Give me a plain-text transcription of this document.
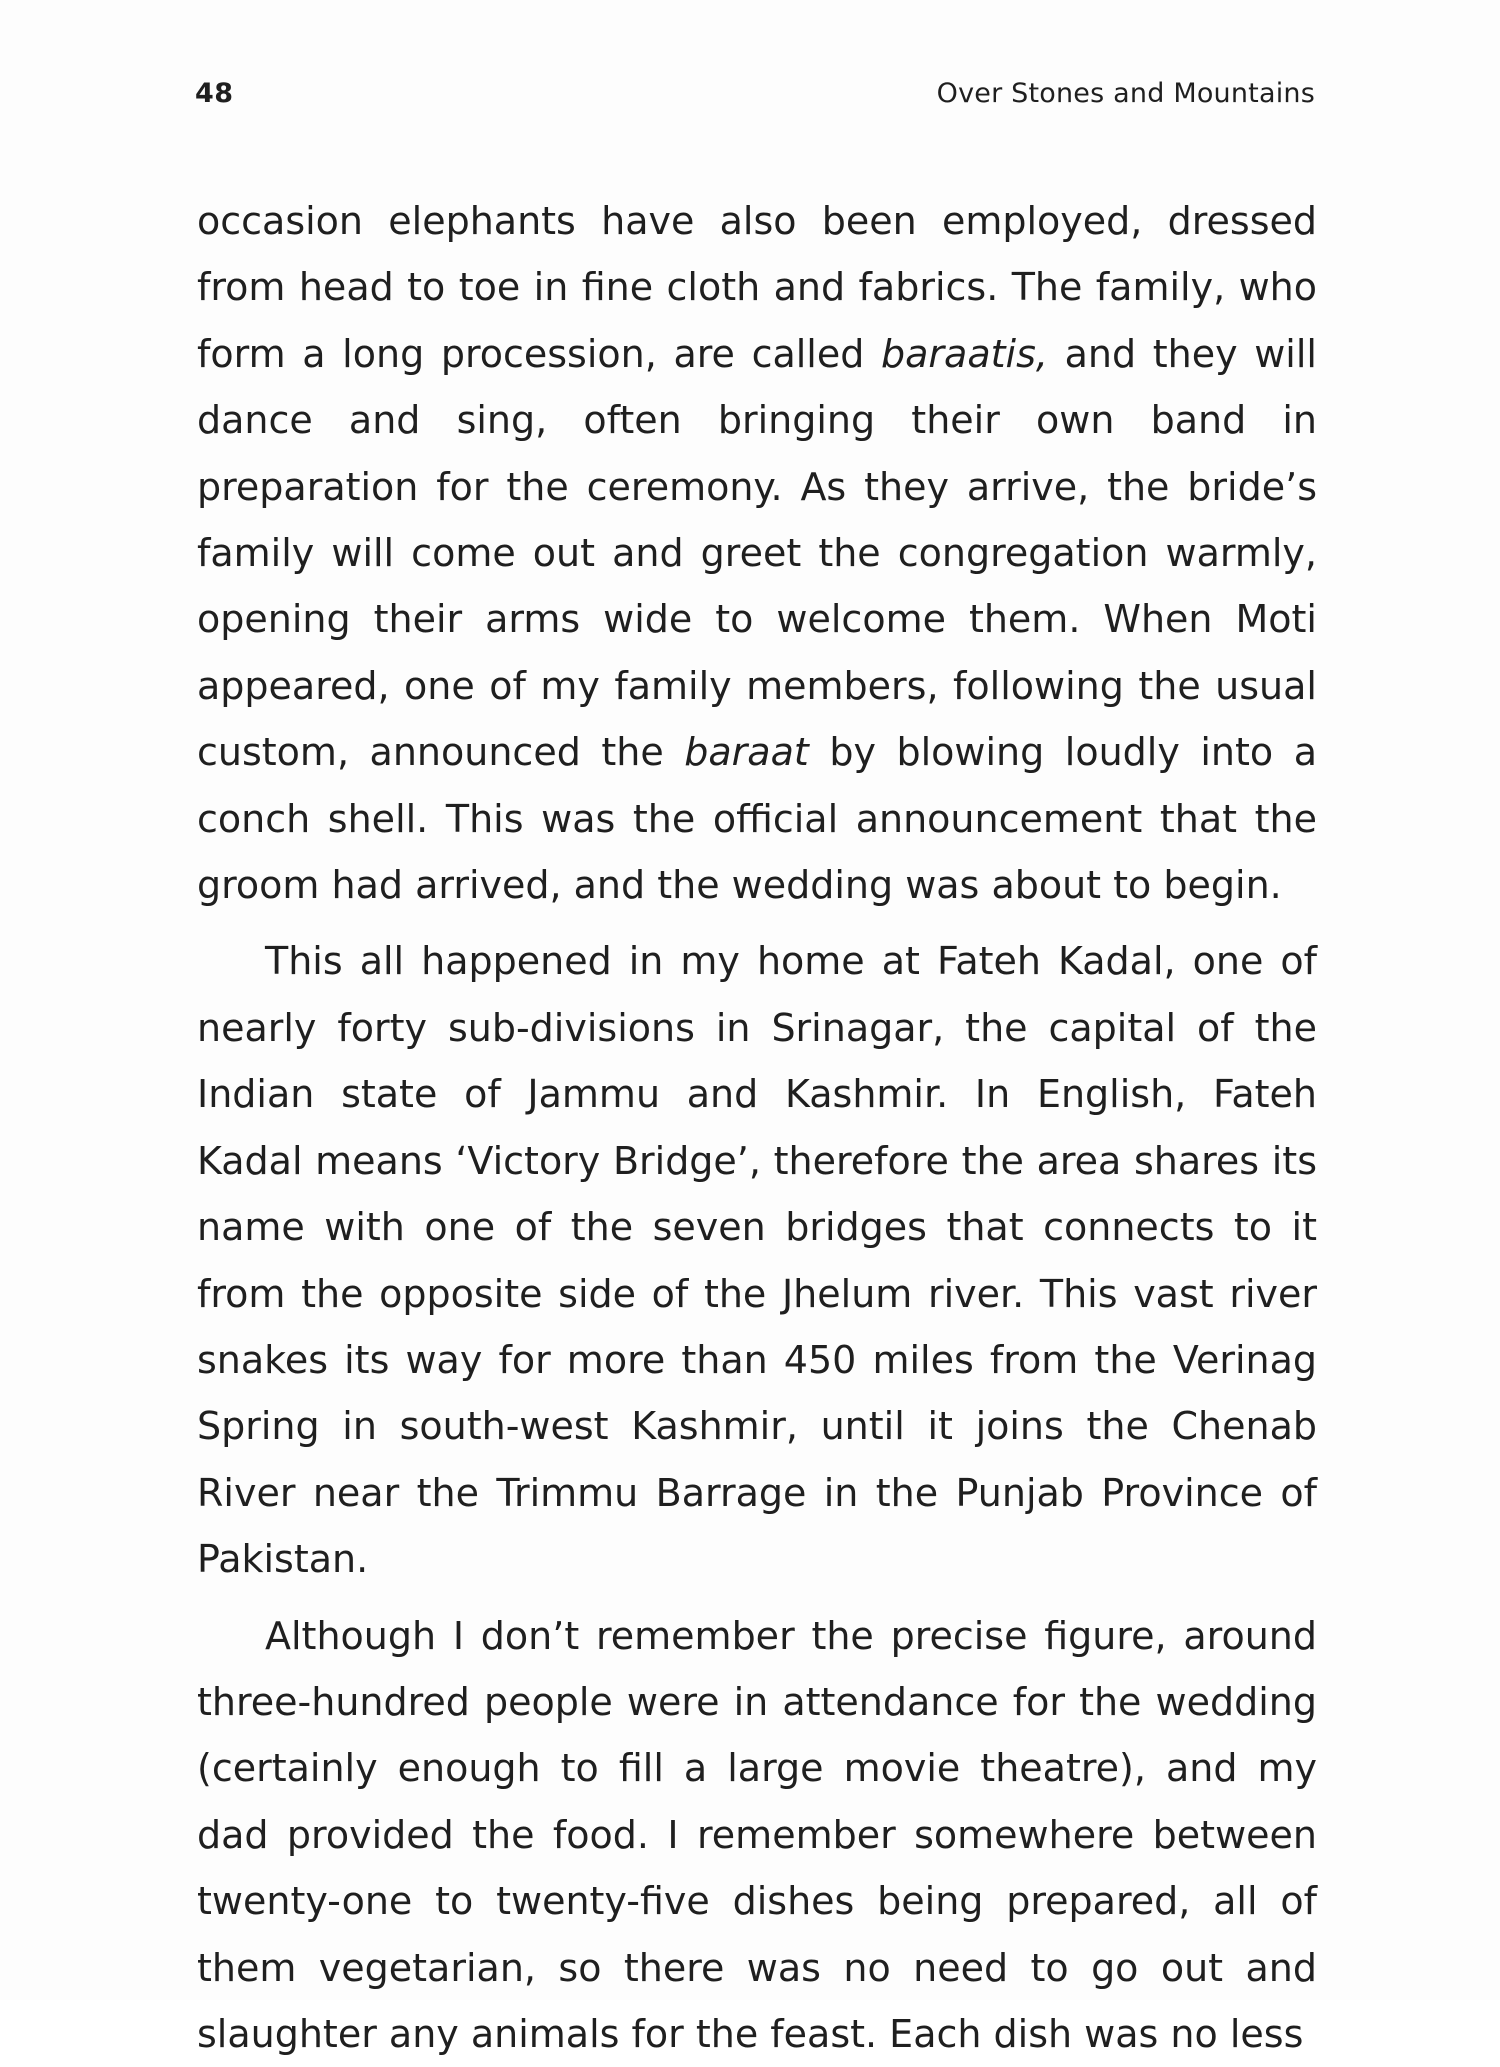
48	Over Stones and Mountains

occasion elephants have also been employed, dressed from head to toe in fine cloth and fabrics. The family, who form a long procession, are called baraatis, and they will dance and sing, often bringing their own band in preparation for the ceremony. As they arrive, the bride’s family will come out and greet the congregation warmly, opening their arms wide to welcome them. When Moti appeared, one of my family members, following the usual custom, announced the baraat by blowing loudly into a conch shell. This was the official announcement that the groom had arrived, and the wedding was about to begin.

This all happened in my home at Fateh Kadal, one of nearly forty sub-divisions in Srinagar, the capital of the Indian state of Jammu and Kashmir. In English, Fateh Kadal means ‘Victory Bridge’, therefore the area shares its name with one of the seven bridges that connects to it from the opposite side of the Jhelum river. This vast river snakes its way for more than 450 miles from the Verinag Spring in south-west Kashmir, until it joins the Chenab River near the Trimmu Barrage in the Punjab Province of Pakistan.

Although I don’t remember the precise figure, around three-hundred people were in attendance for the wedding (certainly enough to fill a large movie theatre), and my dad provided the food. I remember somewhere between twenty-one to twenty-five dishes being prepared, all of them vegetarian, so there was no need to go out and slaughter any animals for the feast. Each dish was no less
